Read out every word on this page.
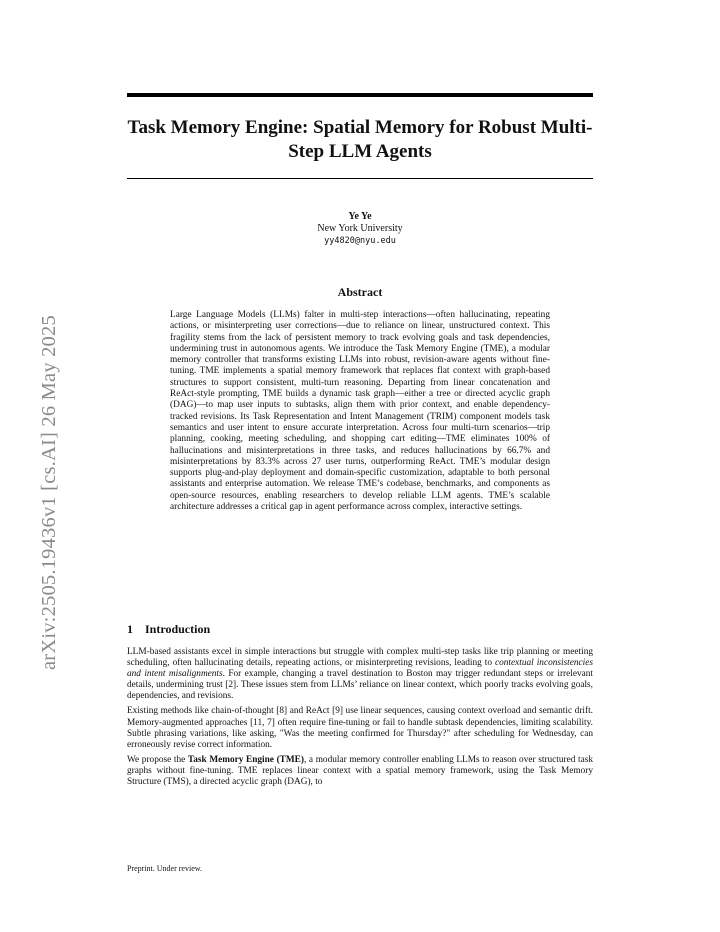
arXiv:2505.19436v1 [cs.AI] 26 May 2025
Task Memory Engine: Spatial Memory for Robust Multi-Step LLM Agents
Ye Ye
New York University
yy4820@nyu.edu
Abstract

Large Language Models (LLMs) falter in multi-step interactions—often hallucinating, repeating actions, or misinterpreting user corrections—due to reliance on linear, unstructured context. This fragility stems from the lack of persistent memory to track evolving goals and task dependencies, undermining trust in autonomous agents. We introduce the Task Memory Engine (TME), a modular memory controller that transforms existing LLMs into robust, revision-aware agents without fine-tuning. TME implements a spatial memory framework that replaces flat context with graph-based structures to support consistent, multi-turn reasoning. Departing from linear concatenation and ReAct-style prompting, TME builds a dynamic task graph—either a tree or directed acyclic graph (DAG)—to map user inputs to subtasks, align them with prior context, and enable dependency-tracked revisions. Its Task Representation and Intent Management (TRIM) component models task semantics and user intent to ensure accurate interpretation. Across four multi-turn scenarios—trip planning, cooking, meeting scheduling, and shopping cart editing—TME eliminates 100% of hallucinations and misinterpretations in three tasks, and reduces hallucinations by 66.7% and misinterpretations by 83.3% across 27 user turns, outperforming ReAct. TME’s modular design supports plug-and-play deployment and domain-specific customization, adaptable to both personal assistants and enterprise automation. We release TME’s codebase, benchmarks, and components as open-source resources, enabling researchers to develop reliable LLM agents. TME’s scalable architecture addresses a critical gap in agent performance across complex, interactive settings.

1 Introduction

LLM-based assistants excel in simple interactions but struggle with complex multi-step tasks like trip planning or meeting scheduling, often hallucinating details, repeating actions, or misinterpreting revisions, leading to contextual inconsistencies and intent misalignments. For example, changing a travel destination to Boston may trigger redundant steps or irrelevant details, undermining trust [2]. These issues stem from LLMs’ reliance on linear context, which poorly tracks evolving goals, dependencies, and revisions.

Existing methods like chain-of-thought [8] and ReAct [9] use linear sequences, causing context overload and semantic drift. Memory-augmented approaches [11, 7] often require fine-tuning or fail to handle subtask dependencies, limiting scalability. Subtle phrasing variations, like asking, "Was the meeting confirmed for Thursday?" after scheduling for Wednesday, can erroneously revise correct information.

We propose the Task Memory Engine (TME), a modular memory controller enabling LLMs to reason over structured task graphs without fine-tuning. TME replaces linear context with a spatial memory framework, using the Task Memory Structure (TMS), a directed acyclic graph (DAG), to

Preprint. Under review.
